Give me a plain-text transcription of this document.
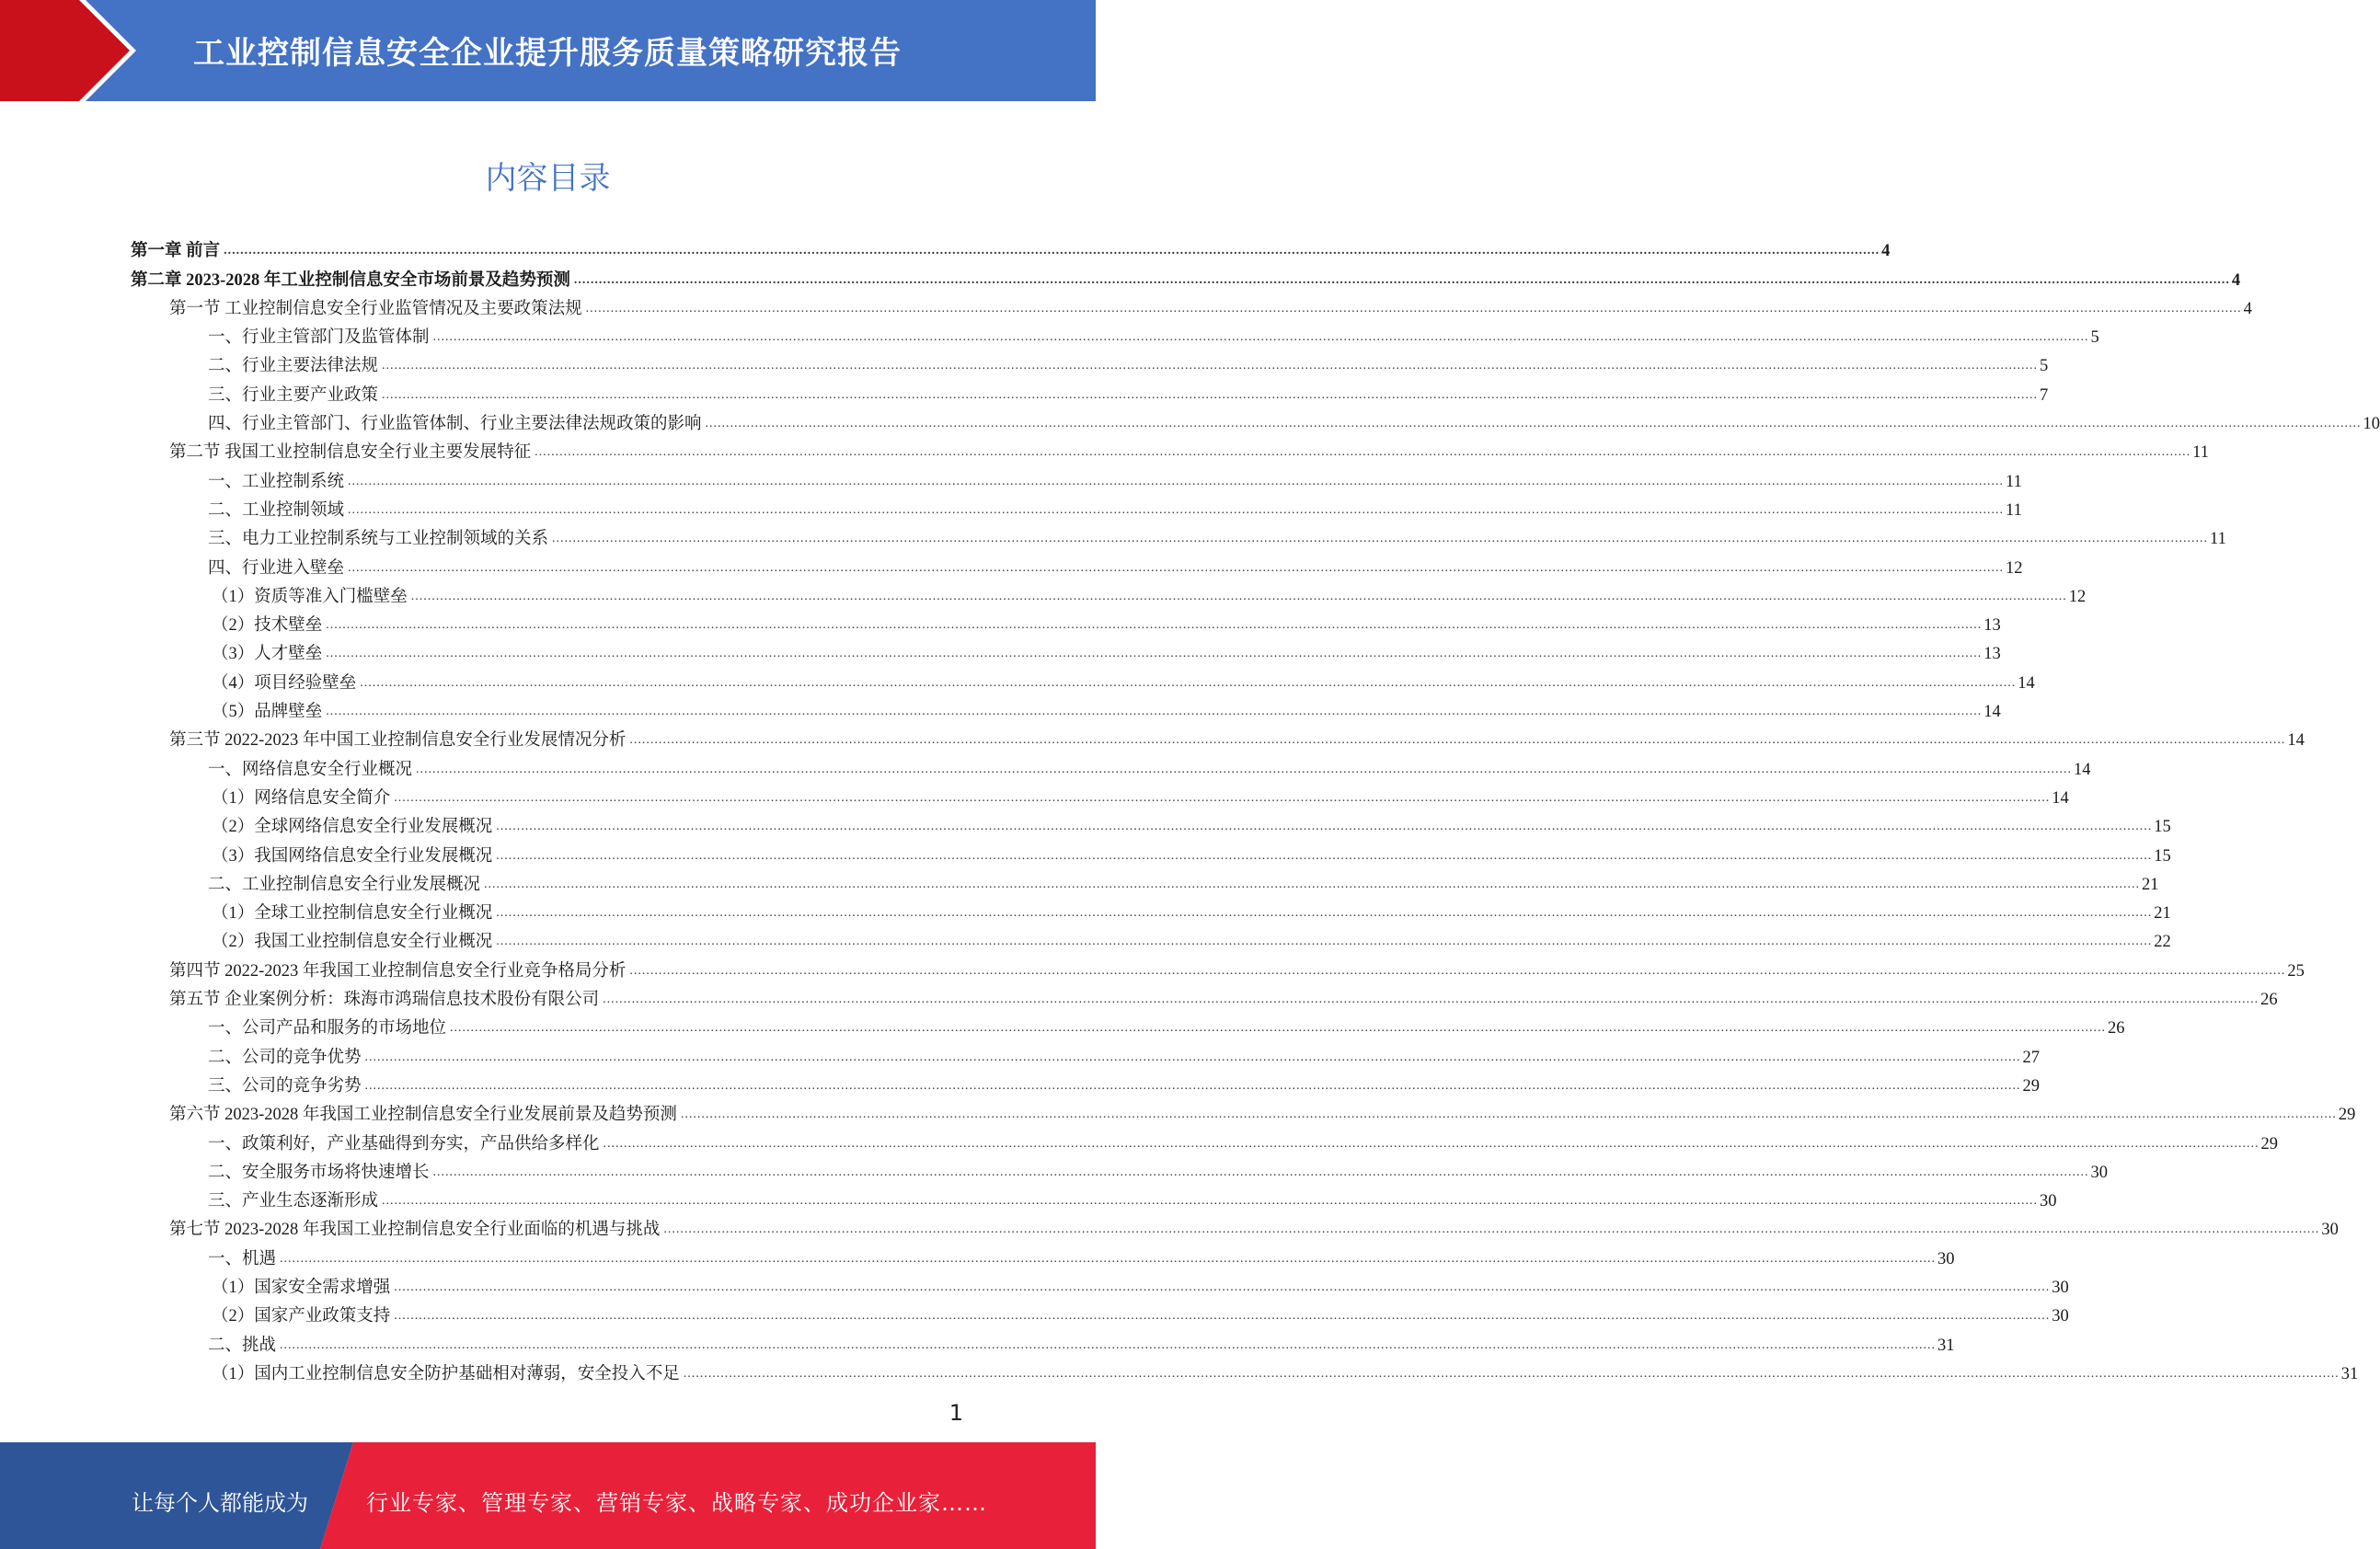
工业控制信息安全企业提升服务质量策略研究报告
内容目录
第一章 前言 ................................................................................................................................................................................................................................................................................................................................................................................................................ 4
第二章 2023-2028 年工业控制信息安全市场前景及趋势预测 ................................................................................................................................................................................................................................................................................................................................................................................................................ 4
第一节 工业控制信息安全行业监管情况及主要政策法规 ................................................................................................................................................................................................................................................................................................................................................................................................................ 4
一、行业主管部门及监管体制 ................................................................................................................................................................................................................................................................................................................................................................................................................ 5
二、行业主要法律法规 ................................................................................................................................................................................................................................................................................................................................................................................................................ 5
三、行业主要产业政策 ................................................................................................................................................................................................................................................................................................................................................................................................................ 7
四、行业主管部门、行业监管体制、行业主要法律法规政策的影响 ................................................................................................................................................................................................................................................................................................................................................................................................................ 10
第二节 我国工业控制信息安全行业主要发展特征 ................................................................................................................................................................................................................................................................................................................................................................................................................ 11
一、工业控制系统 ................................................................................................................................................................................................................................................................................................................................................................................................................ 11
二、工业控制领域 ................................................................................................................................................................................................................................................................................................................................................................................................................ 11
三、电力工业控制系统与工业控制领域的关系 ................................................................................................................................................................................................................................................................................................................................................................................................................ 11
四、行业进入壁垒 ................................................................................................................................................................................................................................................................................................................................................................................................................ 12
（1）资质等准入门槛壁垒 ................................................................................................................................................................................................................................................................................................................................................................................................................ 12
（2）技术壁垒 ................................................................................................................................................................................................................................................................................................................................................................................................................ 13
（3）人才壁垒 ................................................................................................................................................................................................................................................................................................................................................................................................................ 13
（4）项目经验壁垒 ................................................................................................................................................................................................................................................................................................................................................................................................................ 14
（5）品牌壁垒 ................................................................................................................................................................................................................................................................................................................................................................................................................ 14
第三节 2022-2023 年中国工业控制信息安全行业发展情况分析 ................................................................................................................................................................................................................................................................................................................................................................................................................ 14
一、网络信息安全行业概况 ................................................................................................................................................................................................................................................................................................................................................................................................................ 14
（1）网络信息安全简介 ................................................................................................................................................................................................................................................................................................................................................................................................................ 14
（2）全球网络信息安全行业发展概况 ................................................................................................................................................................................................................................................................................................................................................................................................................ 15
（3）我国网络信息安全行业发展概况 ................................................................................................................................................................................................................................................................................................................................................................................................................ 15
二、工业控制信息安全行业发展概况 ................................................................................................................................................................................................................................................................................................................................................................................................................ 21
（1）全球工业控制信息安全行业概况 ................................................................................................................................................................................................................................................................................................................................................................................................................ 21
（2）我国工业控制信息安全行业概况 ................................................................................................................................................................................................................................................................................................................................................................................................................ 22
第四节 2022-2023 年我国工业控制信息安全行业竞争格局分析 ................................................................................................................................................................................................................................................................................................................................................................................................................ 25
第五节 企业案例分析：珠海市鸿瑞信息技术股份有限公司 ................................................................................................................................................................................................................................................................................................................................................................................................................ 26
一、公司产品和服务的市场地位 ................................................................................................................................................................................................................................................................................................................................................................................................................ 26
二、公司的竞争优势 ................................................................................................................................................................................................................................................................................................................................................................................................................ 27
三、公司的竞争劣势 ................................................................................................................................................................................................................................................................................................................................................................................................................ 29
第六节 2023-2028 年我国工业控制信息安全行业发展前景及趋势预测 ................................................................................................................................................................................................................................................................................................................................................................................................................ 29
一、政策利好，产业基础得到夯实，产品供给多样化 ................................................................................................................................................................................................................................................................................................................................................................................................................ 29
二、安全服务市场将快速增长 ................................................................................................................................................................................................................................................................................................................................................................................................................ 30
三、产业生态逐渐形成 ................................................................................................................................................................................................................................................................................................................................................................................................................ 30
第七节 2023-2028 年我国工业控制信息安全行业面临的机遇与挑战 ................................................................................................................................................................................................................................................................................................................................................................................................................ 30
一、机遇 ................................................................................................................................................................................................................................................................................................................................................................................................................ 30
（1）国家安全需求增强 ................................................................................................................................................................................................................................................................................................................................................................................................................ 30
（2）国家产业政策支持 ................................................................................................................................................................................................................................................................................................................................................................................................................ 30
二、挑战 ................................................................................................................................................................................................................................................................................................................................................................................................................ 31
（1）国内工业控制信息安全防护基础相对薄弱，安全投入不足 ................................................................................................................................................................................................................................................................................................................................................................................................................ 31
1
让每个人都能成为	行业专家、管理专家、营销专家、战略专家、成功企业家……
